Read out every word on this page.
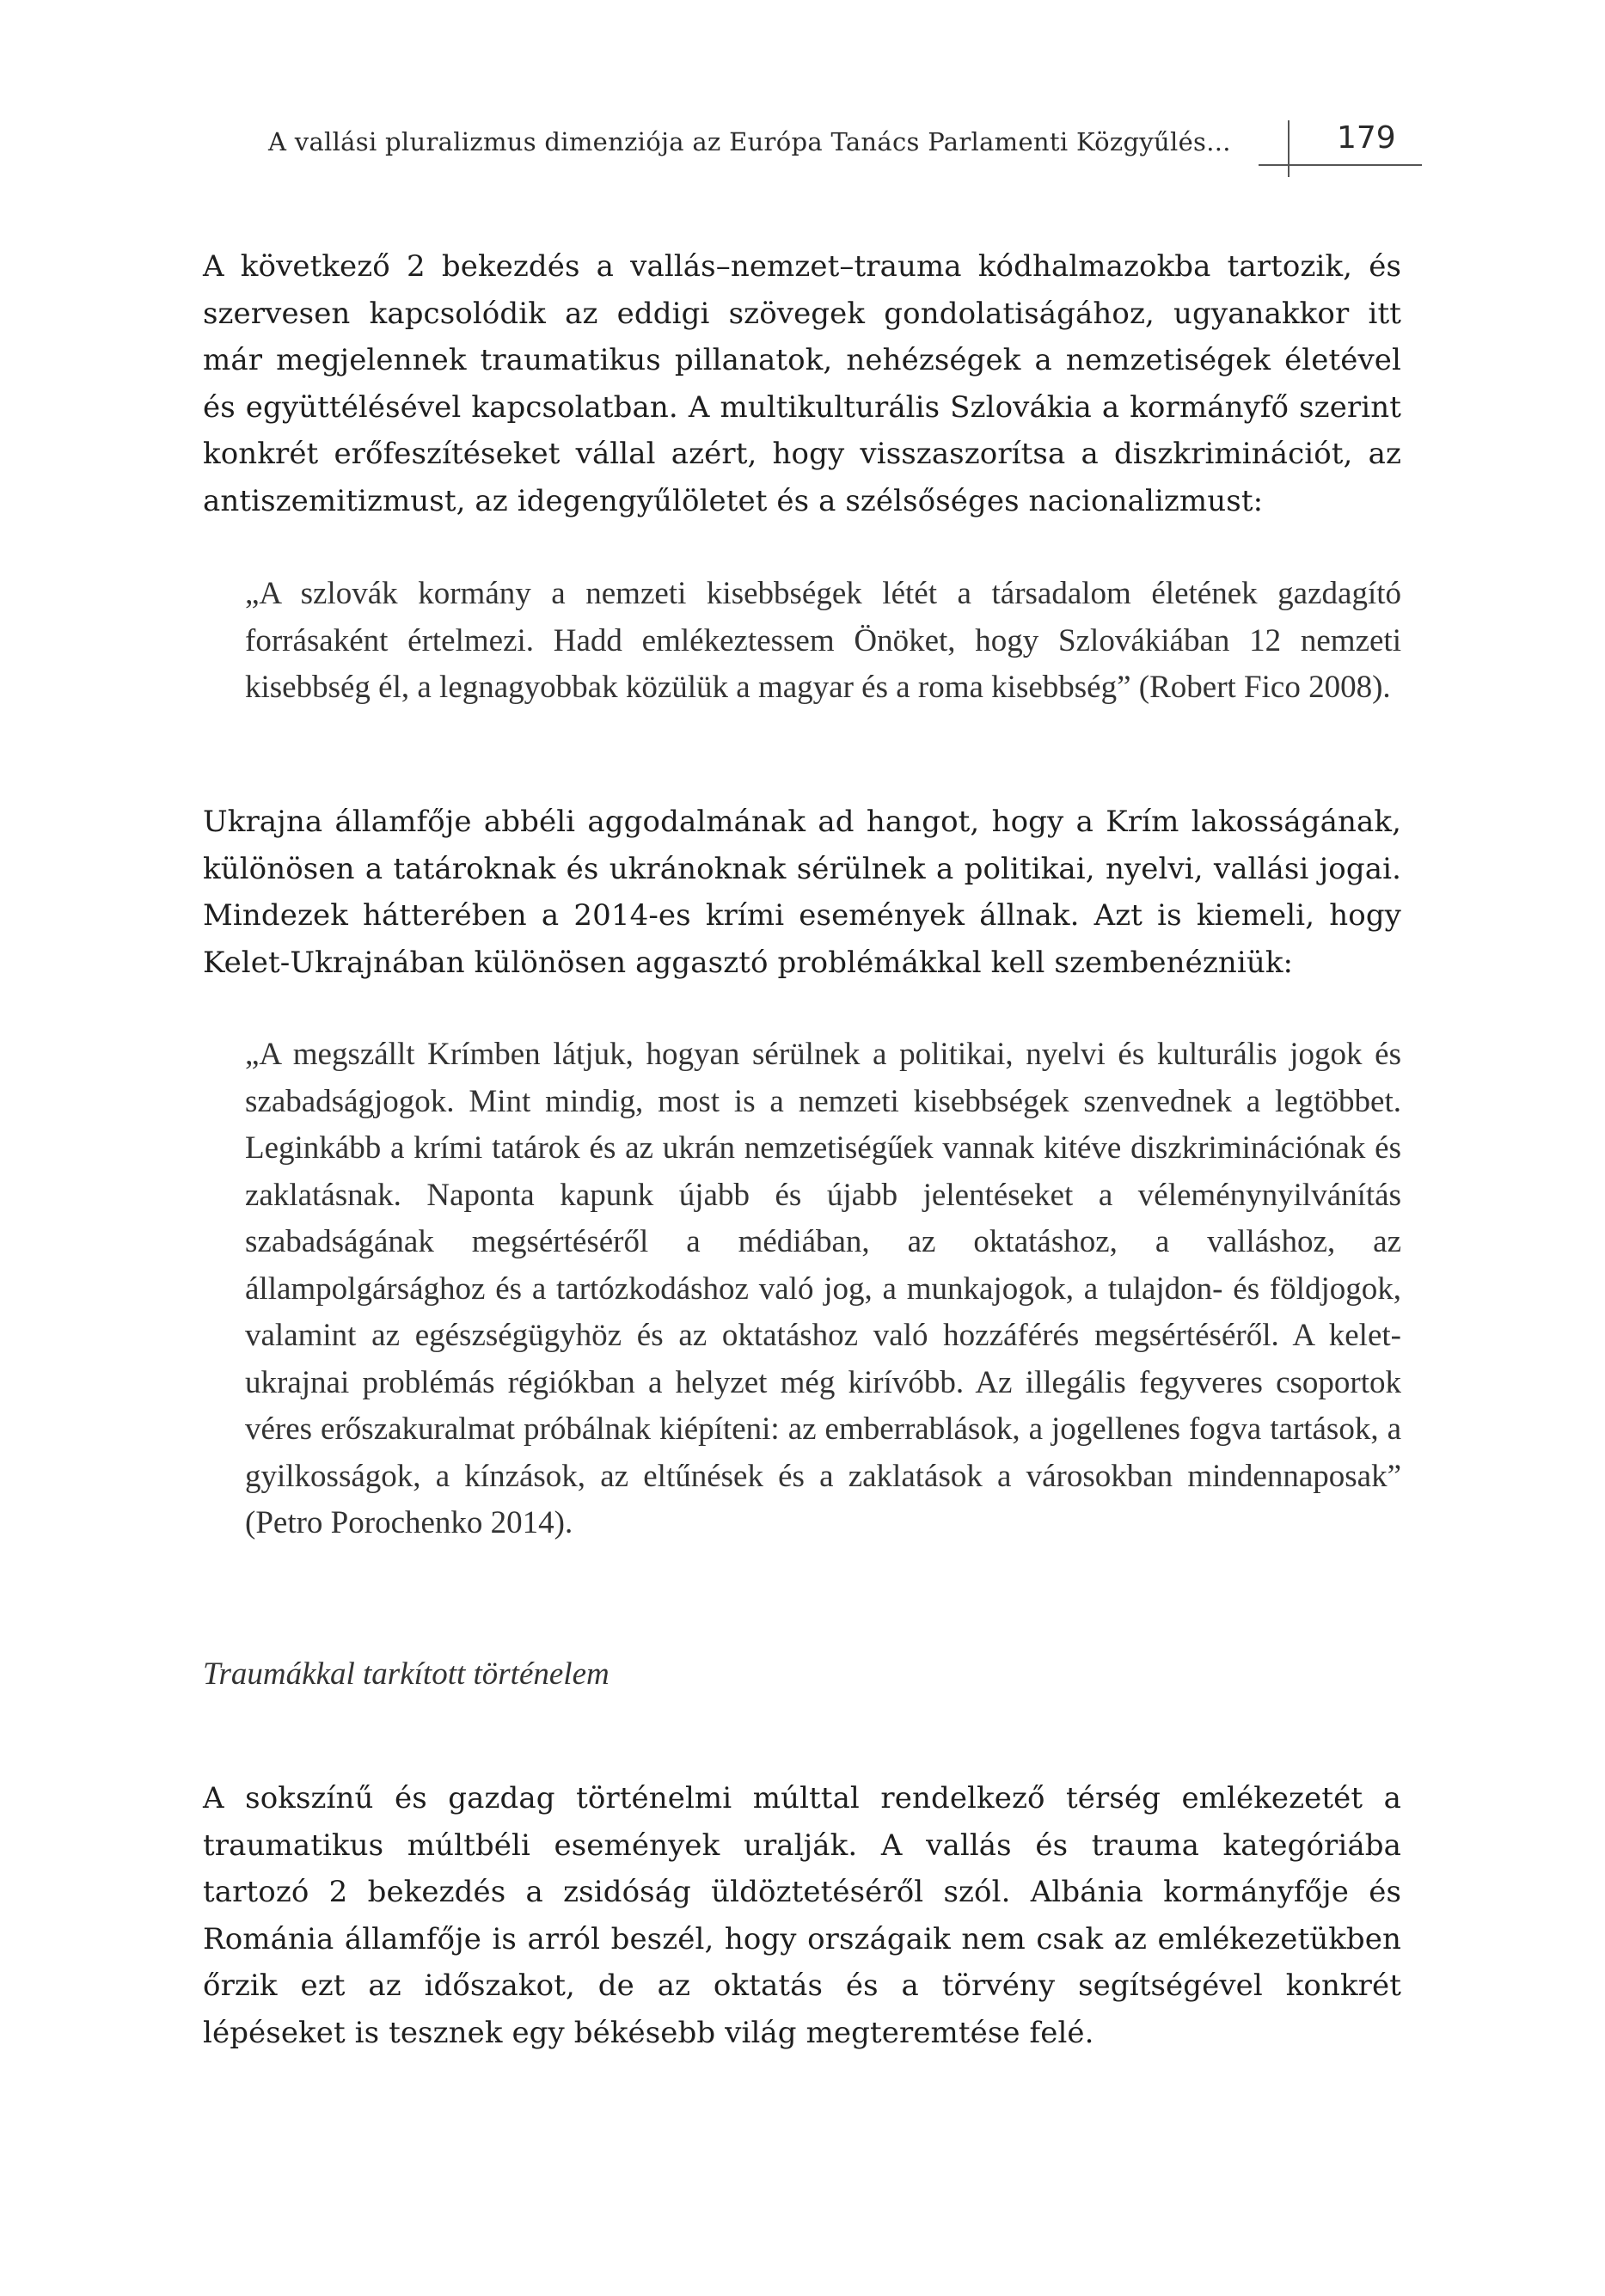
A vallási pluralizmus dimenziója az Európa Tanács Parlamenti Közgyűlés...	179

A következő 2 bekezdés a vallás–nemzet–trauma kódhalmazokba tartozik, és szervesen kapcsolódik az eddigi szövegek gondolatiságához, ugyanakkor itt már megjelennek traumatikus pillanatok, nehézségek a nemzetiségek életével és együttélésével kapcsolatban. A multikulturális Szlovákia a kormányfő szerint konkrét erőfeszítéseket vállal azért, hogy visszaszorítsa a diszkriminációt, az antiszemitizmust, az idegengyűlöletet és a szélsőséges nacionalizmust:

„A szlovák kormány a nemzeti kisebbségek létét a társadalom életének gazdagító forrásaként értelmezi. Hadd emlékeztessem Önöket, hogy Szlovákiában 12 nemzeti kisebbség él, a legnagyobbak közülük a magyar és a roma kisebbség” (Robert Fico 2008).

Ukrajna államfője abbéli aggodalmának ad hangot, hogy a Krím lakosságának, különösen a tatároknak és ukránoknak sérülnek a politikai, nyelvi, vallási jogai. Mindezek hátterében a 2014-es krími események állnak. Azt is kiemeli, hogy Kelet-Ukrajnában különösen aggasztó problémákkal kell szembenézniük:

„A megszállt Krímben látjuk, hogyan sérülnek a politikai, nyelvi és kulturális jogok és szabadságjogok. Mint mindig, most is a nemzeti kisebbségek szenvednek a legtöbbet. Leginkább a krími tatárok és az ukrán nemzetiségűek vannak kitéve diszkriminációnak és zaklatásnak. Naponta kapunk újabb és újabb jelentéseket a véleménynyilvánítás szabadságának megsértéséről a médiában, az oktatáshoz, a valláshoz, az állampolgársághoz és a tartózkodáshoz való jog, a munkajogok, a tulajdon- és földjogok, valamint az egészségügyhöz és az oktatáshoz való hozzáférés megsértéséről. A kelet-ukrajnai problémás régiókban a helyzet még kirívóbb. Az illegális fegyveres csoportok véres erőszakuralmat próbálnak kiépíteni: az emberrablások, a jogellenes fogva tartások, a gyilkosságok, a kínzások, az eltűnések és a zaklatások a városokban mindennaposak” (Petro Porochenko 2014).

Traumákkal tarkított történelem

A sokszínű és gazdag történelmi múlttal rendelkező térség emlékezetét a traumatikus múltbéli események uralják. A vallás és trauma kategóriába tartozó 2 bekezdés a zsidóság üldöztetéséről szól. Albánia kormányfője és Románia államfője is arról beszél, hogy országaik nem csak az emlékezetükben őrzik ezt az időszakot, de az oktatás és a törvény segítségével konkrét lépéseket is tesznek egy békésebb világ megteremtése felé.
